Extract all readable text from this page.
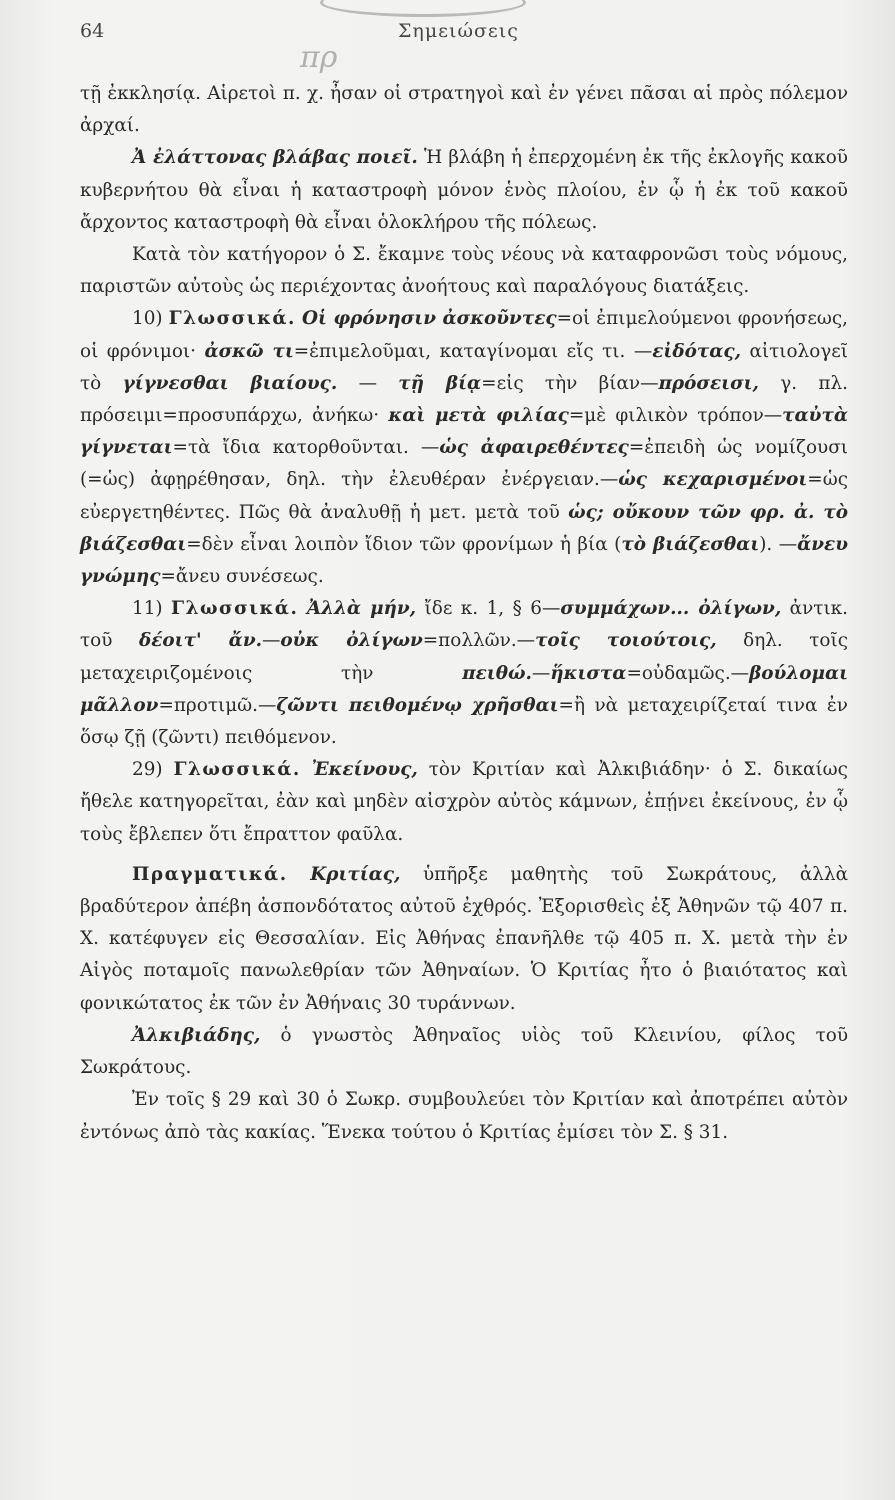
64	Σημειώσεις
πρ

τῇ ἐκκλησίᾳ. Αἱρετοὶ π. χ. ἦσαν οἱ στρατηγοὶ καὶ ἐν γένει πᾶσαι αἱ πρὸς πόλεμον ἀρχαί.

Ἀ ἐλάττονας βλάβας ποιεῖ. Ἡ βλάβη ἡ ἐπερχομένη ἐκ τῆς ἐκλογῆς κακοῦ κυβερνήτου θὰ εἶναι ἡ καταστροφὴ μόνον ἑνὸς πλοίου, ἐν ᾧ ἡ ἐκ τοῦ κακοῦ ἄρχοντος καταστροφὴ θὰ εἶναι ὁλοκλήρου τῆς πόλεως.

Κατὰ τὸν κατήγορον ὁ Σ. ἔκαμνε τοὺς νέους νὰ καταφρονῶσι τοὺς νόμους, παριστῶν αὐτοὺς ὡς περιέχοντας ἀνοήτους καὶ παραλόγους διατάξεις.

10) Γλωσσικά. Οἱ φρόνησιν ἀσκοῦντες=οἱ ἐπιμελούμενοι φρονήσεως, οἱ φρόνιμοι· ἀσκῶ τι=ἐπιμελοῦμαι, καταγίνομαι εἴς τι. —εἰδότας, αἰτιολογεῖ τὸ γίγνεσθαι βιαίους. — τῇ βίᾳ=εἰς τὴν βίαν—πρόσεισι, γ. πλ. πρόσειμι=προσυπάρχω, ἀνήκω· καὶ μετὰ φιλίας=μὲ φιλικὸν τρόπον—ταὐτὰ γίγνεται=τὰ ἴδια κατορθοῦνται. —ὡς ἀφαιρεθέντες=ἐπειδὴ ὡς νομίζουσι (=ὡς) ἀφῃρέθησαν, δηλ. τὴν ἐλευθέραν ἐνέργειαν.—ὡς κεχαρισμένοι=ὡς εὐεργετηθέντες. Πῶς θὰ ἀναλυθῇ ἡ μετ. μετὰ τοῦ ὡς; οὔκουν τῶν φρ. ἀ. τὸ βιάζεσθαι=δὲν εἶναι λοιπὸν ἴδιον τῶν φρονίμων ἡ βία (τὸ βιάζεσθαι). —ἄνευ γνώμης=ἄνευ συνέσεως.

11) Γλωσσικά. Ἀλλὰ μήν, ἴδε κ. 1, § 6—συμμάχων... ὀλίγων, ἀντικ. τοῦ δέοιτ' ἄν.—οὐκ ὀλίγων=πολλῶν.—τοῖς τοιούτοις, δηλ. τοῖς μεταχειριζομένοις τὴν πειθώ.—ἥκιστα=οὐδαμῶς.—βούλομαι μᾶλλον=προτιμῶ.—ζῶντι πειθομένῳ χρῆσθαι=ἢ νὰ μεταχειρίζεταί τινα ἐν ὅσῳ ζῇ (ζῶντι) πειθόμενον.

29) Γλωσσικά. Ἐκείνους, τὸν Κριτίαν καὶ Ἀλκιβιάδην· ὁ Σ. δικαίως ἤθελε κατηγορεῖται, ἐὰν καὶ μηδὲν αἰσχρὸν αὐτὸς κάμνων, ἐπῄνει ἐκείνους, ἐν ᾧ τοὺς ἔβλεπεν ὅτι ἔπραττον φαῦλα.

Πραγματικά. Κριτίας, ὑπῆρξε μαθητὴς τοῦ Σωκράτους, ἀλλὰ βραδύτερον ἀπέβη ἀσπονδότατος αὐτοῦ ἐχθρός. Ἐξορισθεὶς ἐξ Ἀθηνῶν τῷ 407 π. Χ. κατέφυγεν εἰς Θεσσαλίαν. Εἰς Ἀθήνας ἐπανῆλθε τῷ 405 π. Χ. μετὰ τὴν ἐν Αἰγὸς ποταμοῖς πανωλεθρίαν τῶν Ἀθηναίων. Ὁ Κριτίας ἦτο ὁ βιαιότατος καὶ φονικώτατος ἐκ τῶν ἐν Ἀθήναις 30 τυράννων.

Ἀλκιβιάδης, ὁ γνωστὸς Ἀθηναῖος υἱὸς τοῦ Κλεινίου, φίλος τοῦ Σωκράτους.

Ἐν τοῖς § 29 καὶ 30 ὁ Σωκρ. συμβουλεύει τὸν Κριτίαν καὶ ἀποτρέπει αὐτὸν ἐντόνως ἀπὸ τὰς κακίας. Ἕνεκα τούτου ὁ Κριτίας ἐμίσει τὸν Σ. § 31.
